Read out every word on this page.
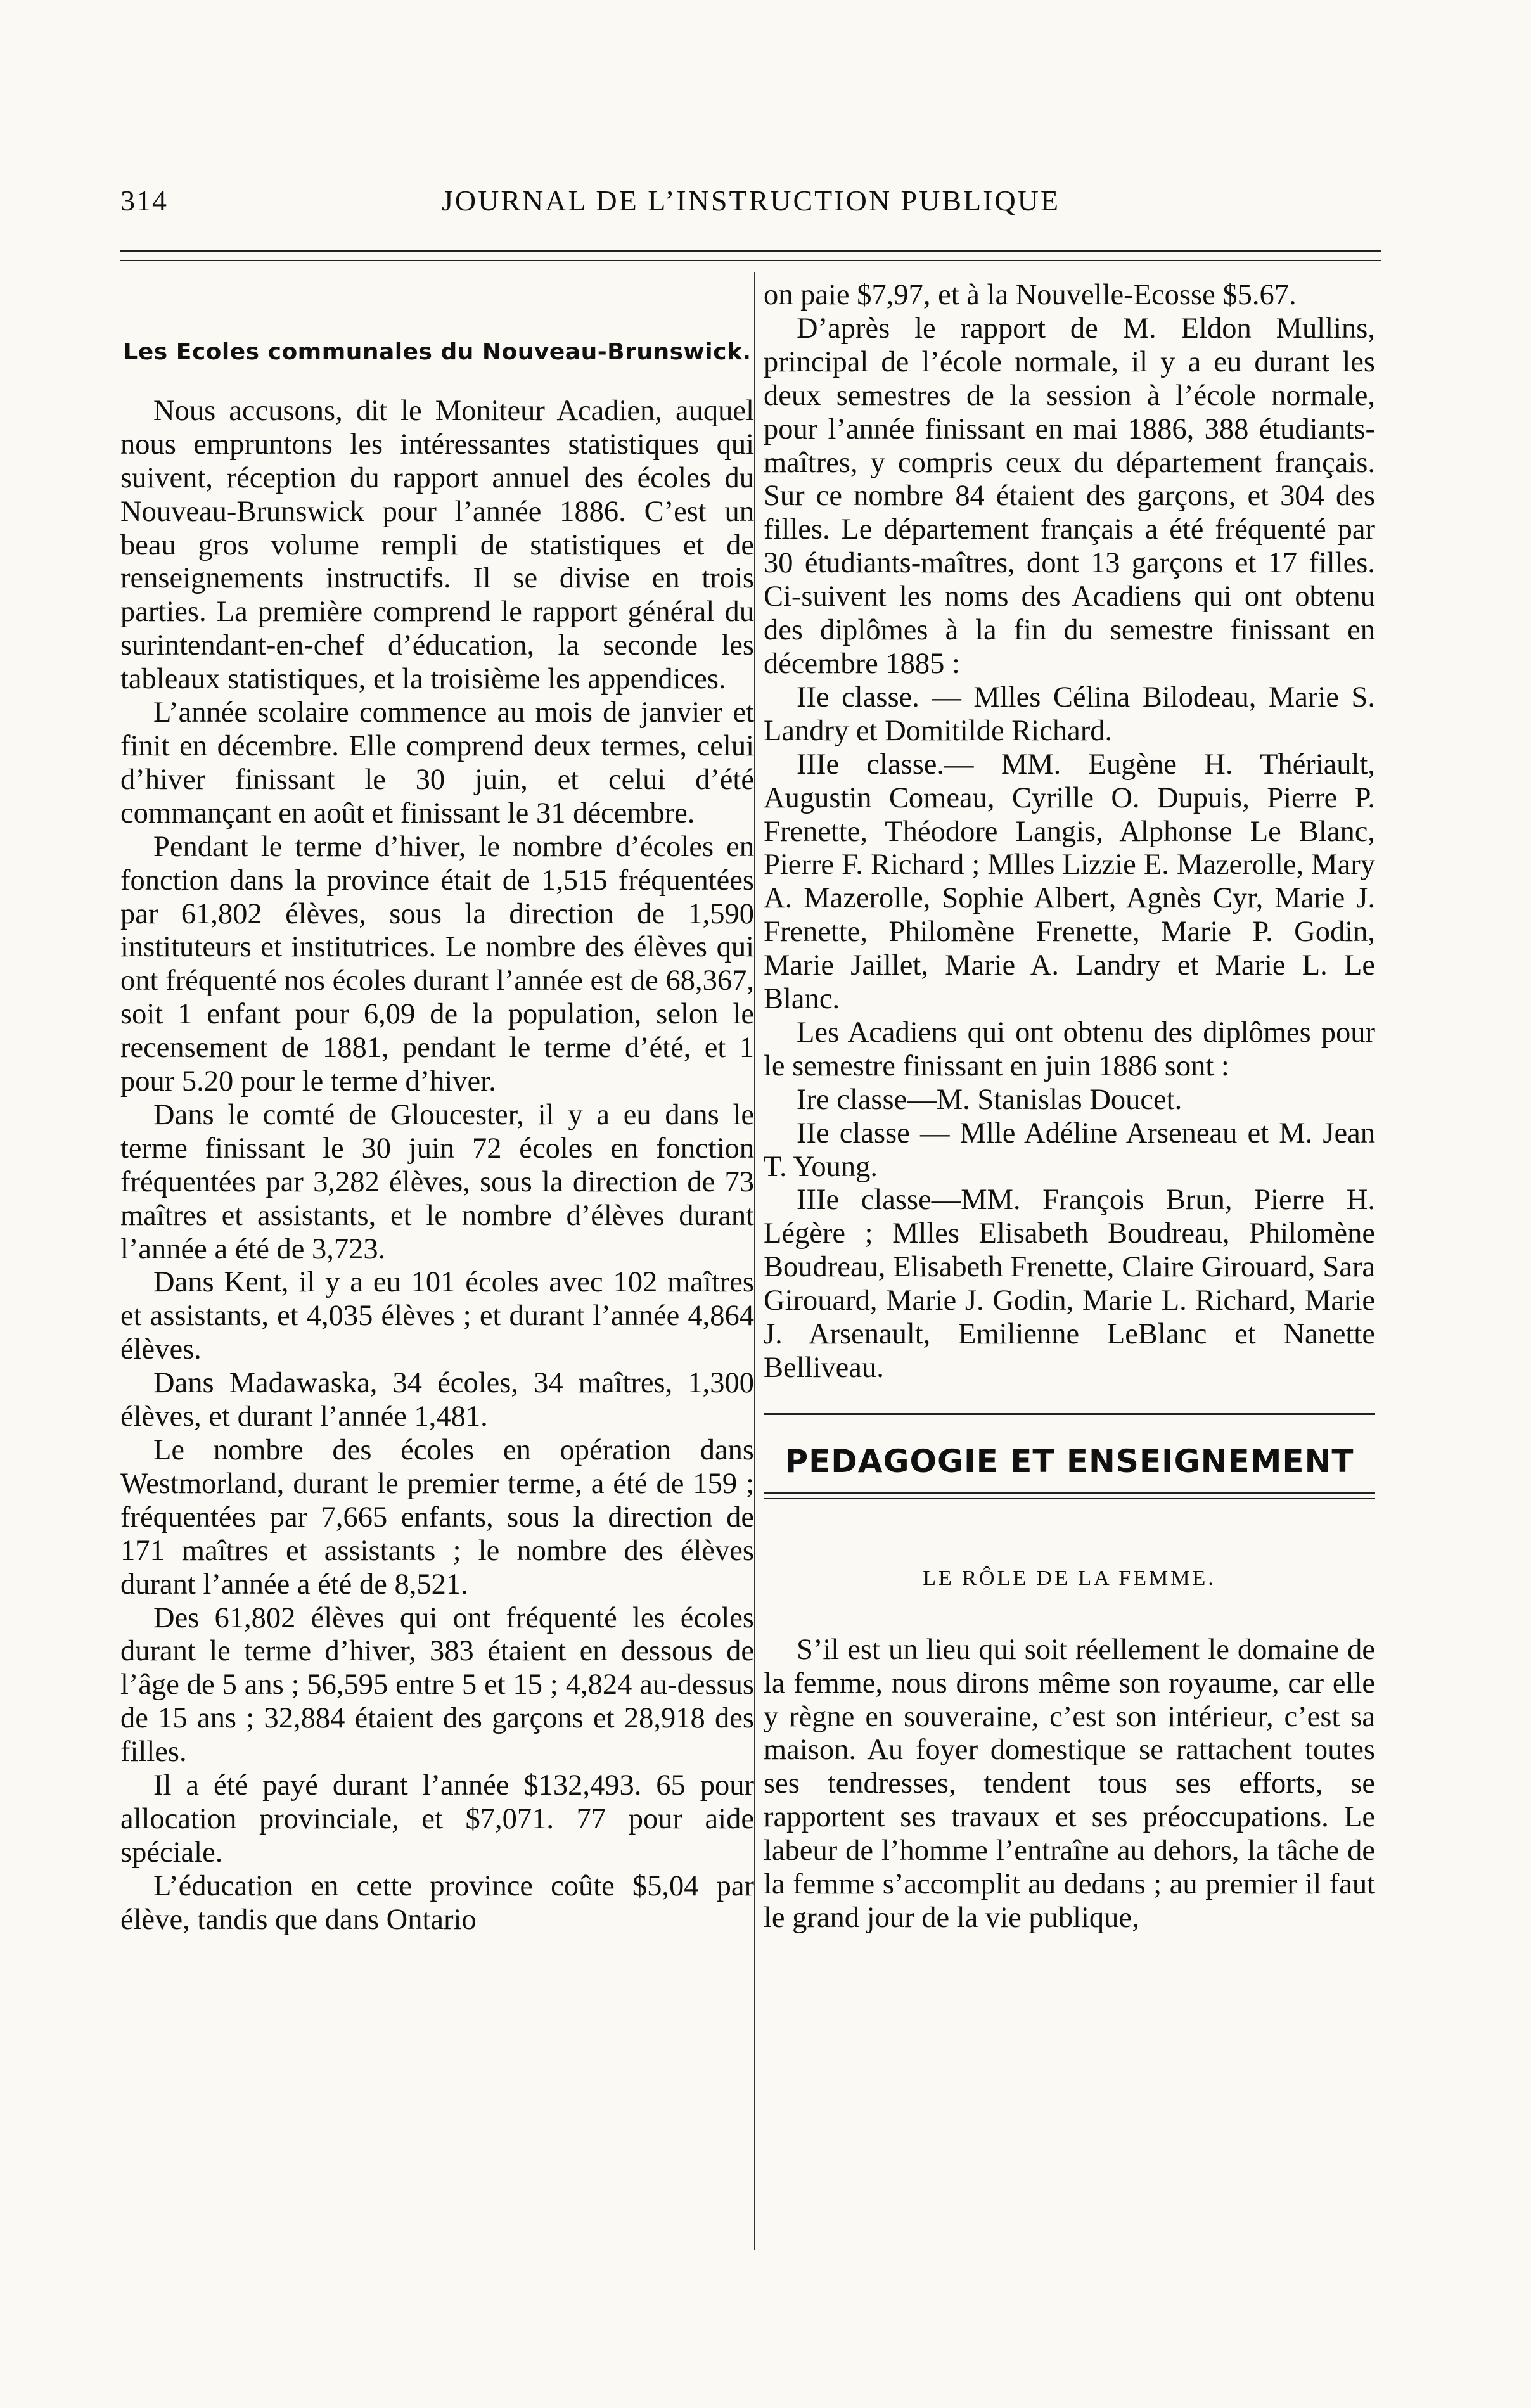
314	JOURNAL DE L’INSTRUCTION PUBLIQUE
Les Ecoles communales du Nouveau-Brunswick.

Nous accusons, dit le Moniteur Acadien, auquel nous empruntons les intéressantes statistiques qui suivent, réception du rapport annuel des écoles du Nouveau-Brunswick pour l’année 1886. C’est un beau gros volume rempli de statistiques et de renseignements instructifs. Il se divise en trois parties. La première comprend le rapport général du surintendant-en-chef d’éducation, la seconde les tableaux statistiques, et la troisième les appendices.

L’année scolaire commence au mois de janvier et finit en décembre. Elle comprend deux termes, celui d’hiver finissant le 30 juin, et celui d’été commançant en août et finissant le 31 décembre.

Pendant le terme d’hiver, le nombre d’écoles en fonction dans la province était de 1,515 fréquentées par 61,802 élèves, sous la direction de 1,590 instituteurs et institutrices. Le nombre des élèves qui ont fréquenté nos écoles durant l’année est de 68,367, soit 1 enfant pour 6,09 de la population, selon le recensement de 1881, pendant le terme d’été, et 1 pour 5.20 pour le terme d’hiver.

Dans le comté de Gloucester, il y a eu dans le terme finissant le 30 juin 72 écoles en fonction fréquentées par 3,282 élèves, sous la direction de 73 maîtres et assistants, et le nombre d’élèves durant l’année a été de 3,723.

Dans Kent, il y a eu 101 écoles avec 102 maîtres et assistants, et 4,035 élèves ; et durant l’année 4,864 élèves.

Dans Madawaska, 34 écoles, 34 maîtres, 1,300 élèves, et durant l’année 1,481.

Le nombre des écoles en opération dans Westmorland, durant le premier terme, a été de 159 ; fréquentées par 7,665 enfants, sous la direction de 171 maîtres et assistants ; le nombre des élèves durant l’année a été de 8,521.

Des 61,802 élèves qui ont fréquenté les écoles durant le terme d’hiver, 383 étaient en dessous de l’âge de 5 ans ; 56,595 entre 5 et 15 ; 4,824 au-dessus de 15 ans ; 32,884 étaient des garçons et 28,918 des filles.

Il a été payé durant l’année $132,493. 65 pour allocation provinciale, et $7,071. 77 pour aide spéciale.

L’éducation en cette province coûte $5,04 par élève, tandis que dans Ontario

on paie $7,97, et à la Nouvelle-Ecosse $5.67.

D’après le rapport de M. Eldon Mullins, principal de l’école normale, il y a eu durant les deux semestres de la session à l’école normale, pour l’année finissant en mai 1886, 388 étudiants-maîtres, y compris ceux du département français. Sur ce nombre 84 étaient des garçons, et 304 des filles. Le département français a été fréquenté par 30 étudiants-maîtres, dont 13 garçons et 17 filles. Ci-suivent les noms des Acadiens qui ont obtenu des diplômes à la fin du semestre finissant en décembre 1885 :

IIe classe. — Mlles Célina Bilodeau, Marie S. Landry et Domitilde Richard.

IIIe classe.— MM. Eugène H. Thériault, Augustin Comeau, Cyrille O. Dupuis, Pierre P. Frenette, Théodore Langis, Alphonse Le Blanc, Pierre F. Richard ; Mlles Lizzie E. Mazerolle, Mary A. Mazerolle, Sophie Albert, Agnès Cyr, Marie J. Frenette, Philomène Frenette, Marie P. Godin, Marie Jaillet, Marie A. Landry et Marie L. Le Blanc.

Les Acadiens qui ont obtenu des diplômes pour le semestre finissant en juin 1886 sont :

Ire classe—M. Stanislas Doucet.

IIe classe — Mlle Adéline Arseneau et M. Jean T. Young.

IIIe classe—MM. François Brun, Pierre H. Légère ; Mlles Elisabeth Boudreau, Philomène Boudreau, Elisabeth Frenette, Claire Girouard, Sara Girouard, Marie J. Godin, Marie L. Richard, Marie J. Arsenault, Emilienne LeBlanc et Nanette Belliveau.

PEDAGOGIE ET ENSEIGNEMENT
LE RÔLE DE LA FEMME.

S’il est un lieu qui soit réellement le domaine de la femme, nous dirons même son royaume, car elle y règne en souveraine, c’est son intérieur, c’est sa maison. Au foyer domestique se rattachent toutes ses tendresses, tendent tous ses efforts, se rapportent ses travaux et ses préoccupations. Le labeur de l’homme l’entraîne au dehors, la tâche de la femme s’accomplit au dedans ; au premier il faut le grand jour de la vie publique,
